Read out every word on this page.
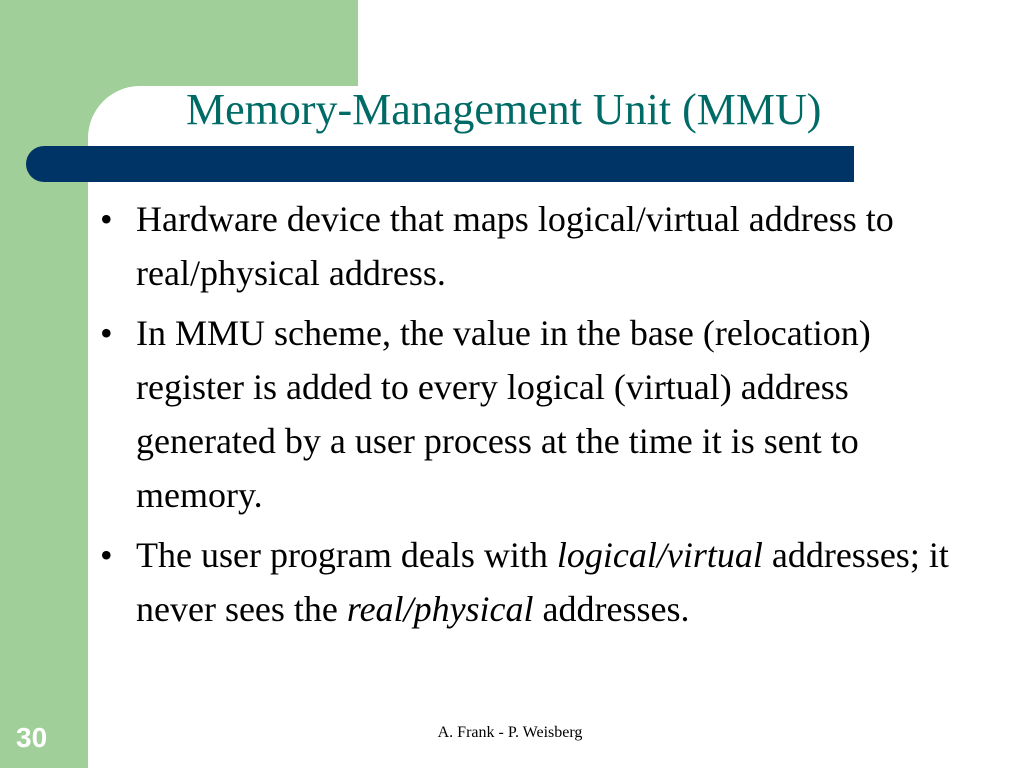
Memory-Management Unit (MMU)
• Hardware device that maps logical/virtual address to real/physical address.
• In MMU scheme, the value in the base (relocation) register is added to every logical (virtual) address generated by a user process at the time it is sent to memory.
• The user program deals with logical/virtual addresses; it never sees the real/physical addresses.
30	A. Frank - P. Weisberg
